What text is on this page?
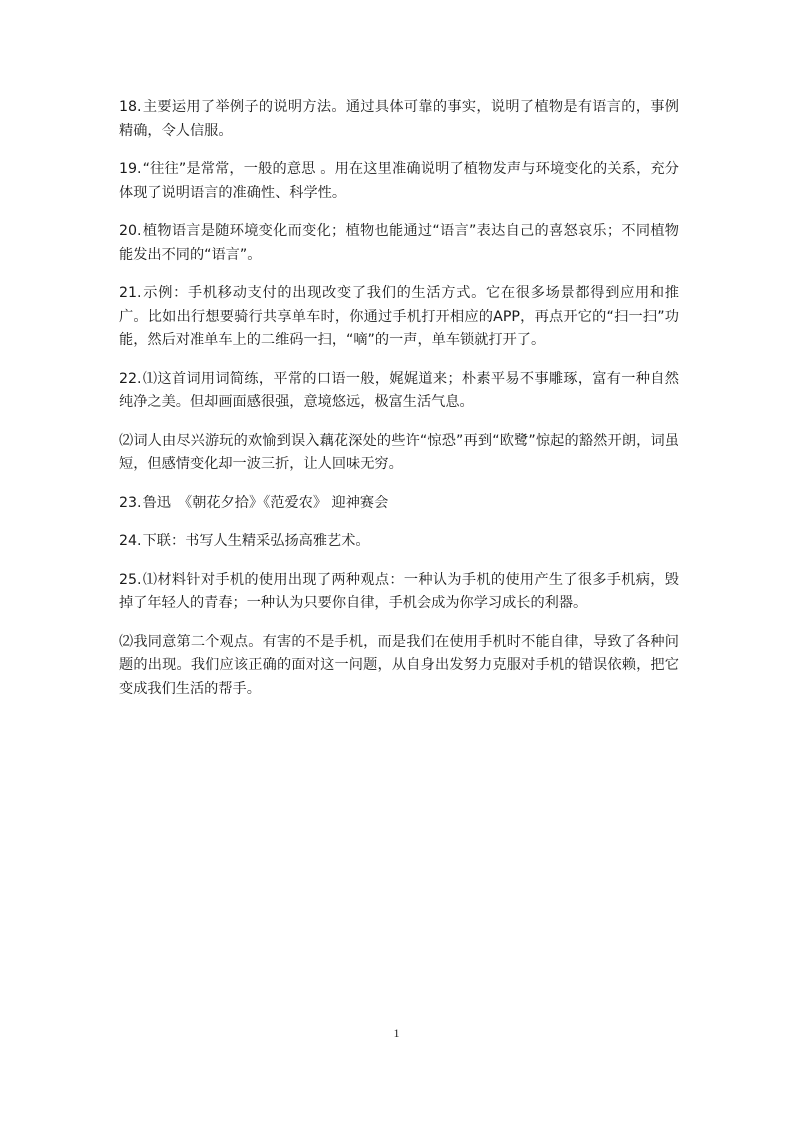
18.主要运用了举例子的说明方法。通过具体可靠的事实，说明了植物是有语言的，事例精确，令人信服。

19.“往往”是常常，一般的意思 。用在这里准确说明了植物发声与环境变化的关系，充分体现了说明语言的准确性、科学性。

20.植物语言是随环境变化而变化；植物也能通过“语言”表达自己的喜怒哀乐；不同植物能发出不同的“语言”。

21.示例：手机移动支付的出现改变了我们的生活方式。它在很多场景都得到应用和推广。比如出行想要骑行共享单车时，你通过手机打开相应的APP，再点开它的“扫一扫”功能，然后对准单车上的二维码一扫，“嘀”的一声，单车锁就打开了。

22.⑴这首词用词简练，平常的口语一般，娓娓道来；朴素平易不事雕琢，富有一种自然纯净之美。但却画面感很强，意境悠远，极富生活气息。

⑵词人由尽兴游玩的欢愉到误入藕花深处的些许“惊恐”再到“欧鹭”惊起的豁然开朗，词虽短，但感情变化却一波三折，让人回味无穷。

23.鲁迅　《朝花夕拾》《范爱农》 迎神赛会

24.下联：书写人生精采弘扬高雅艺术。

25.⑴材料针对手机的使用出现了两种观点：一种认为手机的使用产生了很多手机病，毁掉了年轻人的青春；一种认为只要你自律，手机会成为你学习成长的利器。

⑵我同意第二个观点。有害的不是手机，而是我们在使用手机时不能自律，导致了各种问题的出现。我们应该正确的面对这一问题，从自身出发努力克服对手机的错误依赖，把它变成我们生活的帮手。

1
